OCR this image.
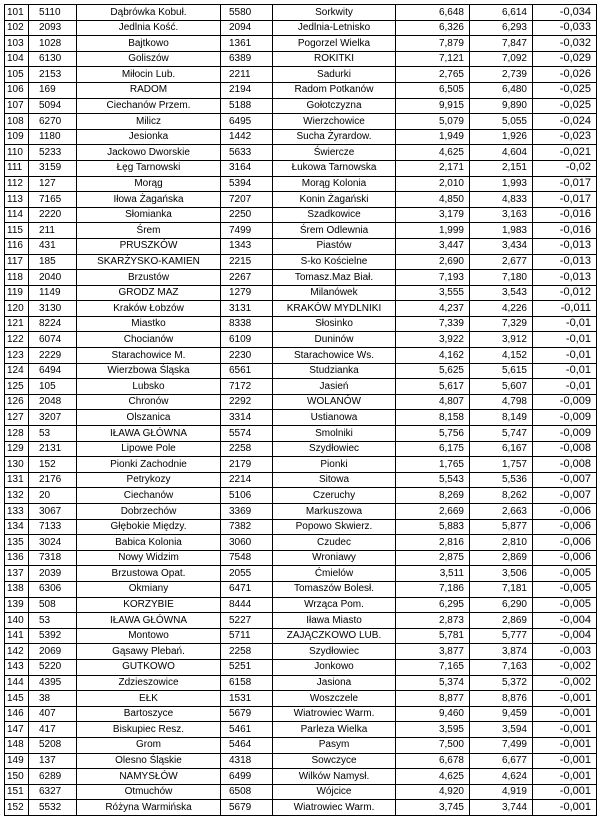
101	5110	Dąbrówka Kobuł.	5580	Sorkwity	6,648	6,614	-0,034
102	2093	Jedlnia Kość.	2094	Jedlnia-Letnisko	6,326	6,293	-0,033
103	1028	Bajtkowo	1361	Pogorzel Wielka	7,879	7,847	-0,032
104	6130	Goliszów	6389	ROKITKI	7,121	7,092	-0,029
105	2153	Miłocin Lub.	2211	Sadurki	2,765	2,739	-0,026
106	169	RADOM	2194	Radom Potkanów	6,505	6,480	-0,025
107	5094	Ciechanów Przem.	5188	Gołotczyzna	9,915	9,890	-0,025
108	6270	Milicz	6495	Wierzchowice	5,079	5,055	-0,024
109	1180	Jesionka	1442	Sucha Żyrardow.	1,949	1,926	-0,023
110	5233	Jackowo Dworskie	5633	Świercze	4,625	4,604	-0,021
111	3159	Łęg Tarnowski	3164	Łukowa Tarnowska	2,171	2,151	-0,02
112	127	Morąg	5394	Morąg Kolonia	2,010	1,993	-0,017
113	7165	Iłowa Żagańska	7207	Konin Żagański	4,850	4,833	-0,017
114	2220	Słomianka	2250	Szadkowice	3,179	3,163	-0,016
115	211	Śrem	7499	Śrem Odlewnia	1,999	1,983	-0,016
116	431	PRUSZKÓW	1343	Piastów	3,447	3,434	-0,013
117	185	SKARŻYSKO-KAMIEN	2215	S-ko Kościelne	2,690	2,677	-0,013
118	2040	Brzustów	2267	Tomasz.Maz Biał.	7,193	7,180	-0,013
119	1149	GRODZ MAZ	1279	Milanówek	3,555	3,543	-0,012
120	3130	Kraków Łobzów	3131	KRAKÓW MYDLNIKI	4,237	4,226	-0,011
121	8224	Miastko	8338	Słosinko	7,339	7,329	-0,01
122	6074	Chocianów	6109	Duninów	3,922	3,912	-0,01
123	2229	Starachowice M.	2230	Starachowice Ws.	4,162	4,152	-0,01
124	6494	Wierzbowa Śląska	6561	Studzianka	5,625	5,615	-0,01
125	105	Lubsko	7172	Jasień	5,617	5,607	-0,01
126	2048	Chronów	2292	WOLANÓW	4,807	4,798	-0,009
127	3207	Olszanica	3314	Ustianowa	8,158	8,149	-0,009
128	53	IŁAWA GŁÓWNA	5574	Smolniki	5,756	5,747	-0,009
129	2131	Lipowe Pole	2258	Szydłowiec	6,175	6,167	-0,008
130	152	Pionki Zachodnie	2179	Pionki	1,765	1,757	-0,008
131	2176	Petrykozy	2214	Sitowa	5,543	5,536	-0,007
132	20	Ciechanów	5106	Czeruchy	8,269	8,262	-0,007
133	3067	Dobrzechów	3369	Markuszowa	2,669	2,663	-0,006
134	7133	Głębokie Między.	7382	Popowo Skwierz.	5,883	5,877	-0,006
135	3024	Babica Kolonia	3060	Czudec	2,816	2,810	-0,006
136	7318	Nowy Widzim	7548	Wroniawy	2,875	2,869	-0,006
137	2039	Brzustowa Opat.	2055	Ćmielów	3,511	3,506	-0,005
138	6306	Okmiany	6471	Tomaszów Bolesł.	7,186	7,181	-0,005
139	508	KORZYBIE	8444	Wrząca Pom.	6,295	6,290	-0,005
140	53	IŁAWA GŁÓWNA	5227	Iława Miasto	2,873	2,869	-0,004
141	5392	Montowo	5711	ZAJĄCZKOWO LUB.	5,781	5,777	-0,004
142	2069	Gąsawy Plebań.	2258	Szydłowiec	3,877	3,874	-0,003
143	5220	GUTKOWO	5251	Jonkowo	7,165	7,163	-0,002
144	4395	Zdzieszowice	6158	Jasiona	5,374	5,372	-0,002
145	38	EŁK	1531	Woszczele	8,877	8,876	-0,001
146	407	Bartoszyce	5679	Wiatrowiec Warm.	9,460	9,459	-0,001
147	417	Biskupiec Resz.	5461	Parleza Wielka	3,595	3,594	-0,001
148	5208	Grom	5464	Pasym	7,500	7,499	-0,001
149	137	Olesno Śląskie	4318	Sowczyce	6,678	6,677	-0,001
150	6289	NAMYSŁÓW	6499	Wilków Namysł.	4,625	4,624	-0,001
151	6327	Otmuchów	6508	Wójcice	4,920	4,919	-0,001
152	5532	Różyna Warmińska	5679	Wiatrowiec Warm.	3,745	3,744	-0,001
